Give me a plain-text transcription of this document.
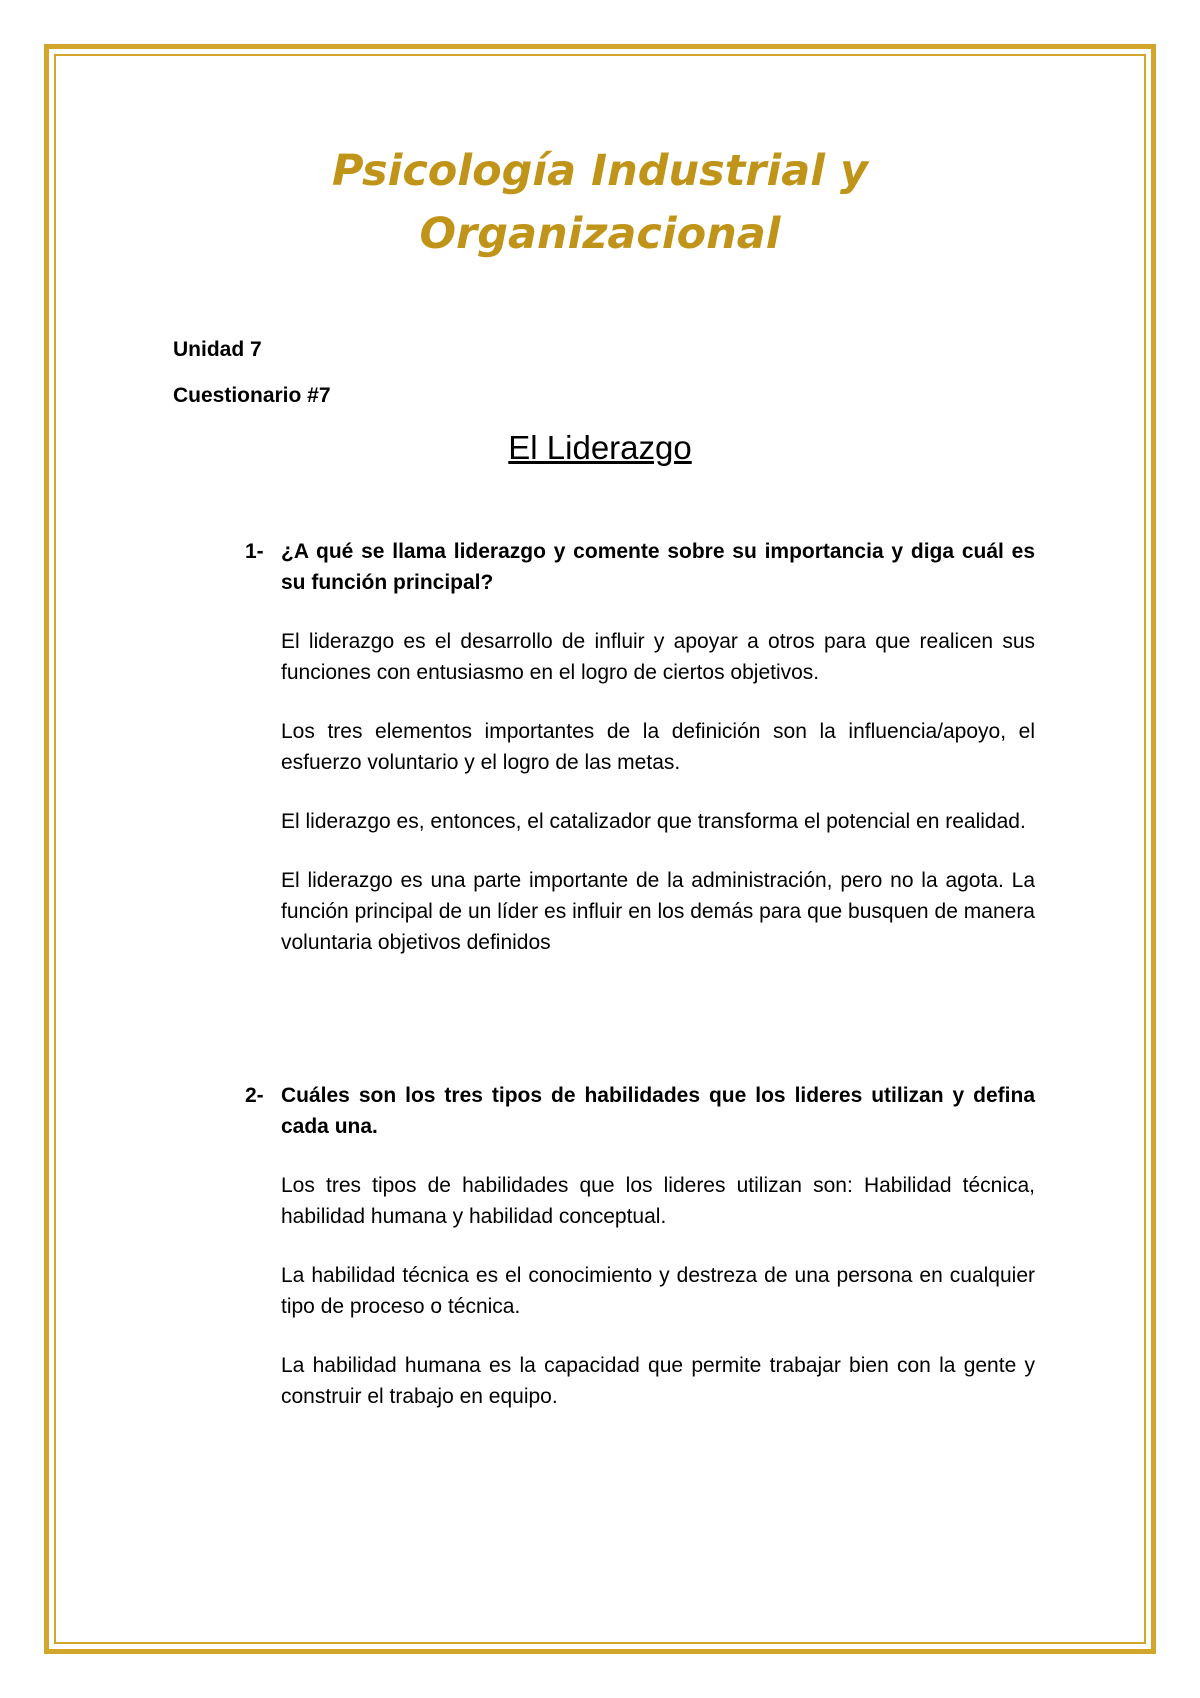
Psicología Industrial y
Organizacional
Unidad 7
Cuestionario #7
El Liderazgo
1- ¿A qué se llama liderazgo y comente sobre su importancia y diga cuál es su función principal?

El liderazgo es el desarrollo de influir y apoyar a otros para que realicen sus funciones con entusiasmo en el logro de ciertos objetivos.

Los tres elementos importantes de la definición son la influencia/apoyo, el esfuerzo voluntario y el logro de las metas.

El liderazgo es, entonces, el catalizador que transforma el potencial en realidad.

El liderazgo es una parte importante de la administración, pero no la agota. La función principal de un líder es influir en los demás para que busquen de manera voluntaria objetivos definidos

2- Cuáles son los tres tipos de habilidades que los lideres utilizan y defina cada una.

Los tres tipos de habilidades que los lideres utilizan son: Habilidad técnica, habilidad humana y habilidad conceptual.

La habilidad técnica es el conocimiento y destreza de una persona en cualquier tipo de proceso o técnica.

La habilidad humana es la capacidad que permite trabajar bien con la gente y construir el trabajo en equipo.
